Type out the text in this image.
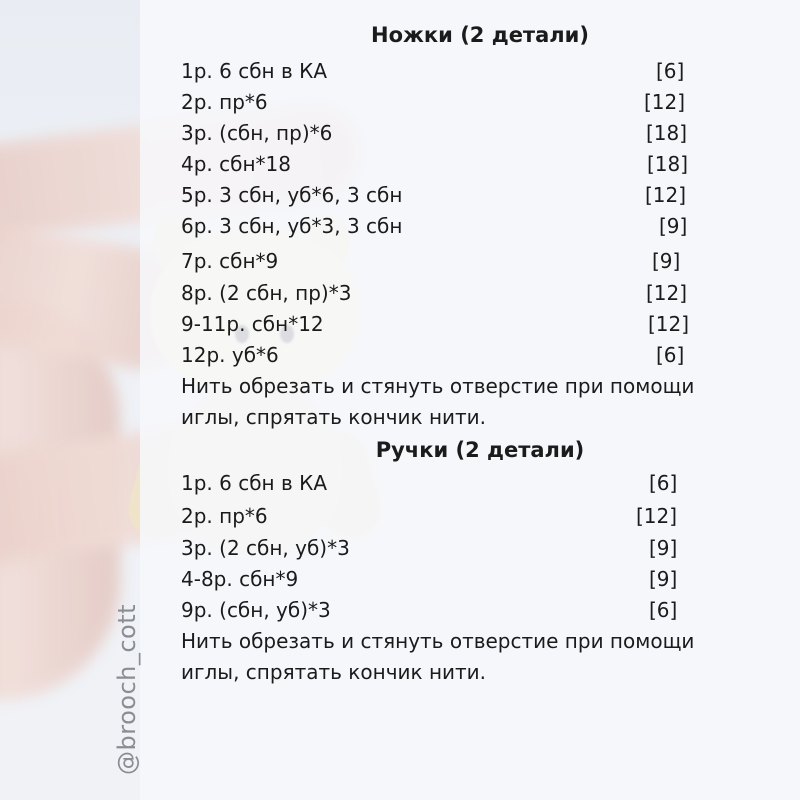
@brooch_cott
Ножки (2 детали)
1р. 6 сбн в КА	[6]
2р. пр*6	[12]
3р. (сбн, пр)*6	[18]
4р. сбн*18	[18]
5р. 3 сбн, уб*6, 3 сбн	[12]
6р. 3 сбн, уб*3, 3 сбн	[9]
7р. сбн*9	[9]
8р. (2 сбн, пр)*3	[12]
9-11р. сбн*12	[12]
12р. уб*6	[6]
Нить обрезать и стянуть отверстие при помощи
иглы, спрятать кончик нити.
Ручки (2 детали)
1р. 6 сбн в КА	[6]
2р. пр*6	[12]
3р. (2 сбн, уб)*3	[9]
4-8р. сбн*9	[9]
9р. (сбн, уб)*3	[6]
Нить обрезать и стянуть отверстие при помощи
иглы, спрятать кончик нити.
